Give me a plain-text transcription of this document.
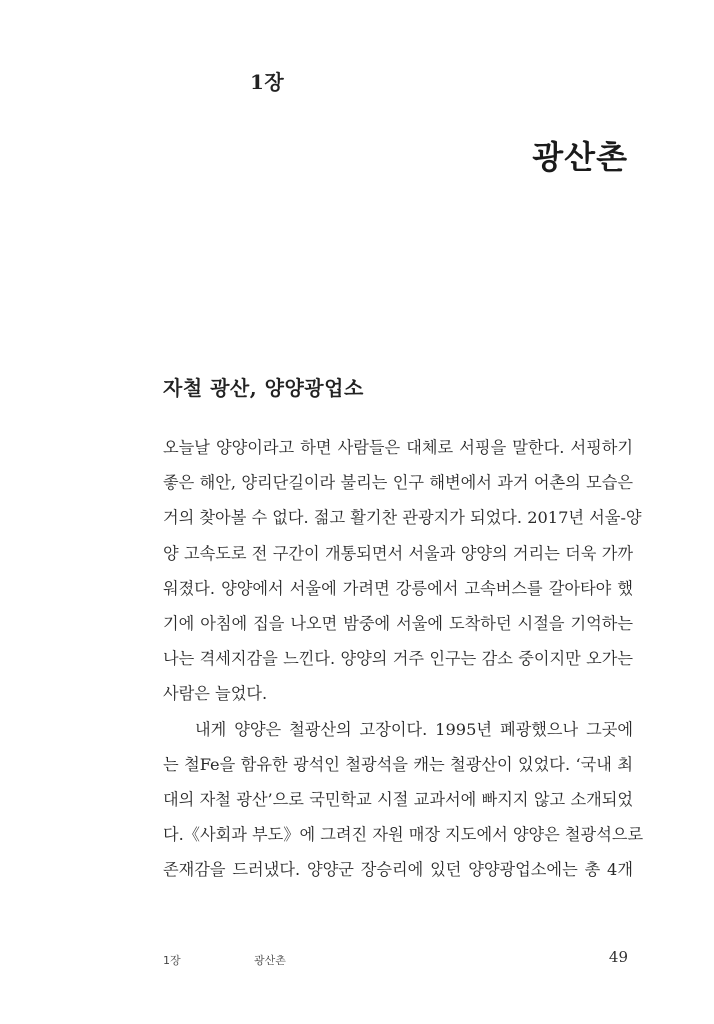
1장
광산촌
자철 광산, 양양광업소
오늘날 양양이라고 하면 사람들은 대체로 서핑을 말한다. 서핑하기
좋은 해안, 양리단길이라 불리는 인구 해변에서 과거 어촌의 모습은
거의 찾아볼 수 없다. 젊고 활기찬 관광지가 되었다. 2017년 서울-양
양 고속도로 전 구간이 개통되면서 서울과 양양의 거리는 더욱 가까
워졌다. 양양에서 서울에 가려면 강릉에서 고속버스를 갈아타야 했
기에 아침에 집을 나오면 밤중에 서울에 도착하던 시절을 기억하는
나는 격세지감을 느낀다. 양양의 거주 인구는 감소 중이지만 오가는
사람은 늘었다.
내게 양양은 철광산의 고장이다. 1995년 폐광했으나 그곳에
는 철Fe을 함유한 광석인 철광석을 캐는 철광산이 있었다. ‘국내 최
대의 자철 광산’으로 국민학교 시절 교과서에 빠지지 않고 소개되었
다.《사회과 부도》에 그려진 자원 매장 지도에서 양양은 철광석으로
존재감을 드러냈다. 양양군 장승리에 있던 양양광업소에는 총 4개
1장	광산촌	49
